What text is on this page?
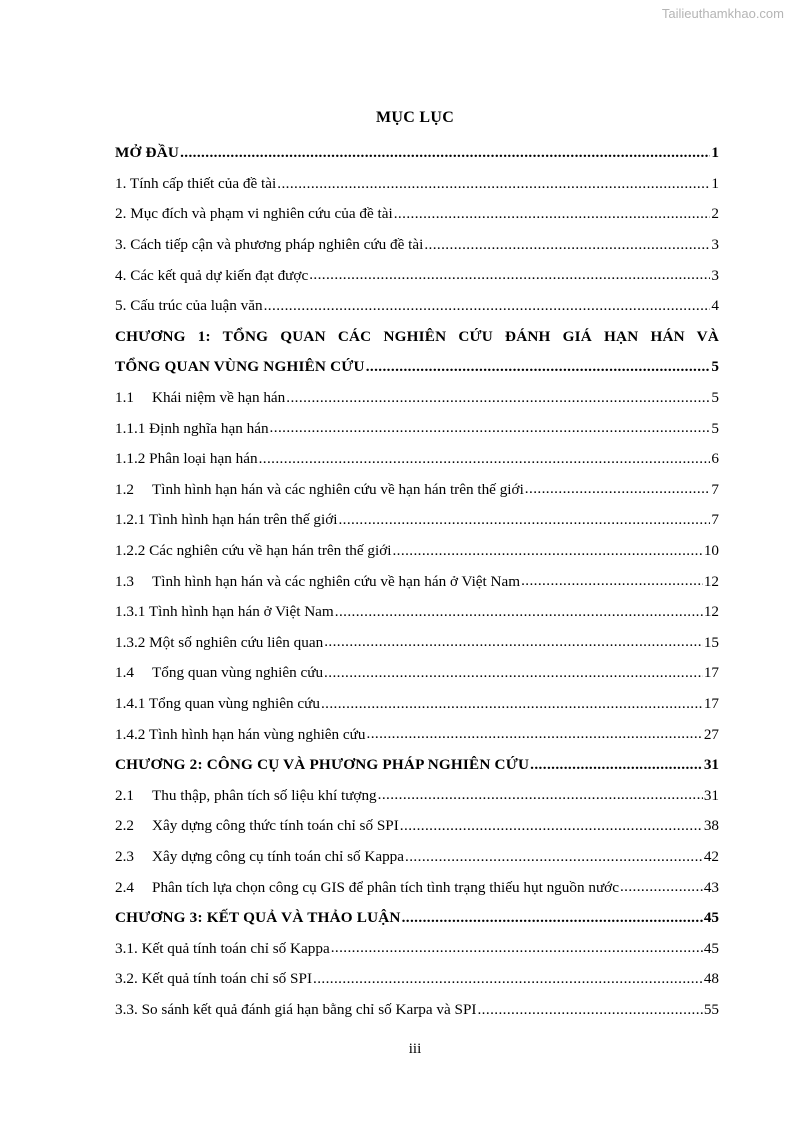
Tailieuthamkhao.com
MỤC LỤC
MỞ ĐẦU .....	1
1. Tính cấp thiết của đề tài .....	1
2. Mục đích và phạm vi nghiên cứu của đề tài .....	2
3. Cách tiếp cận và phương pháp nghiên cứu đề tài .....	3
4. Các kết quả dự kiến đạt được .....	3
5. Cấu trúc của luận văn .....	4
CHƯƠNG 1: TỔNG QUAN CÁC NGHIÊN CỨU ĐÁNH GIÁ HẠN HÁN VÀ
TỔNG QUAN VÙNG NGHIÊN CỨU .....	5
1.1 Khái niệm về hạn hán .....	5
1.1.1 Định nghĩa hạn hán .....	5
1.1.2 Phân loại hạn hán .....	6
1.2 Tình hình hạn hán và các nghiên cứu về hạn hán trên thế giới .....	7
1.2.1 Tình hình hạn hán trên thế giới .....	7
1.2.2 Các nghiên cứu về hạn hán trên thế giới .....	10
1.3 Tình hình hạn hán và các nghiên cứu về hạn hán ở Việt Nam .....	12
1.3.1 Tình hình hạn hán ở Việt Nam .....	12
1.3.2 Một số nghiên cứu liên quan .....	15
1.4 Tổng quan vùng nghiên cứu .....	17
1.4.1 Tổng quan vùng nghiên cứu .....	17
1.4.2 Tình hình hạn hán vùng nghiên cứu .....	27
CHƯƠNG 2: CÔNG CỤ VÀ PHƯƠNG PHÁP NGHIÊN CỨU .....	31
2.1 Thu thập, phân tích số liệu khí tượng .....	31
2.2 Xây dựng công thức tính toán chỉ số SPI .....	38
2.3 Xây dựng công cụ tính toán chỉ số Kappa .....	42
2.4 Phân tích lựa chọn công cụ GIS để phân tích tình trạng thiếu hụt nguồn nước .....	43
CHƯƠNG 3: KẾT QUẢ VÀ THẢO LUẬN .....	45
3.1. Kết quả tính toán chỉ số Kappa .....	45
3.2. Kết quả tính toán chỉ số SPI .....	48
3.3. So sánh kết quả đánh giá hạn bằng chỉ số Karpa và SPI .....	55
iii
